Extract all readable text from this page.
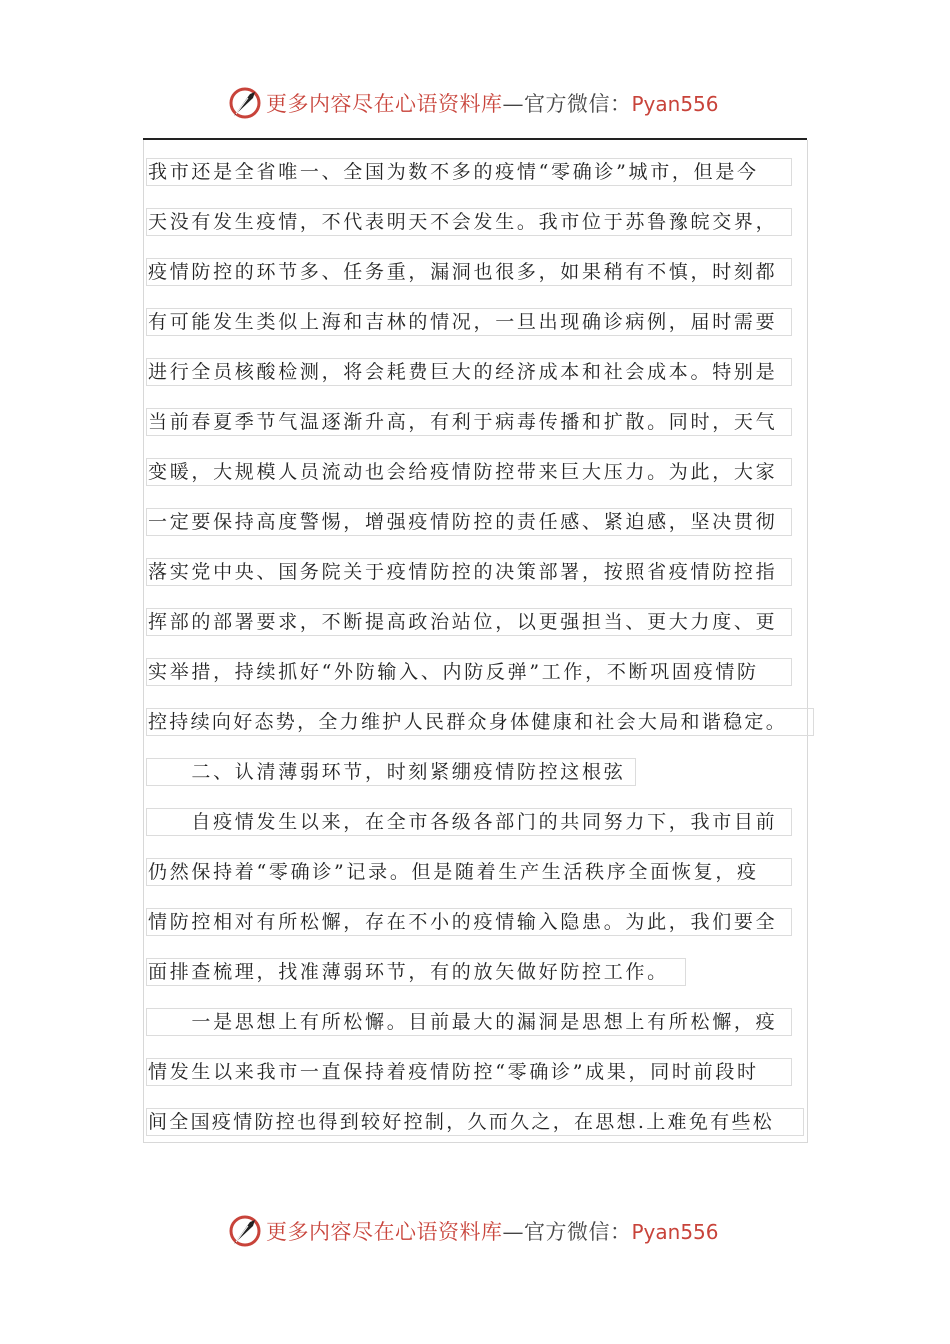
更多内容尽在心语资料库—官方微信：Pyan556
我市还是全省唯一、全国为数不多的疫情“零确诊”城市，但是今
天没有发生疫情，不代表明天不会发生。我市位于苏鲁豫皖交界，
疫情防控的环节多、任务重，漏洞也很多，如果稍有不慎，时刻都
有可能发生类似上海和吉林的情况，一旦出现确诊病例，届时需要
进行全员核酸检测，将会耗费巨大的经济成本和社会成本。特别是
当前春夏季节气温逐渐升高，有利于病毒传播和扩散。同时，天气
变暖，大规模人员流动也会给疫情防控带来巨大压力。为此，大家
一定要保持高度警惕，增强疫情防控的责任感、紧迫感，坚决贯彻
落实党中央、国务院关于疫情防控的决策部署，按照省疫情防控指
挥部的部署要求，不断提高政治站位，以更强担当、更大力度、更
实举措，持续抓好“外防输入、内防反弹”工作，不断巩固疫情防
控持续向好态势，全力维护人民群众身体健康和社会大局和谐稳定。
　　二、认清薄弱环节，时刻紧绷疫情防控这根弦
　　自疫情发生以来，在全市各级各部门的共同努力下，我市目前
仍然保持着“零确诊”记录。但是随着生产生活秩序全面恢复，疫
情防控相对有所松懈，存在不小的疫情输入隐患。为此，我们要全
面排查梳理，找准薄弱环节，有的放矢做好防控工作。
　　一是思想上有所松懈。目前最大的漏洞是思想上有所松懈，疫
情发生以来我市一直保持着疫情防控“零确诊”成果，同时前段时
间全国疫情防控也得到较好控制，久而久之，在思想.上难免有些松
更多内容尽在心语资料库—官方微信：Pyan556
